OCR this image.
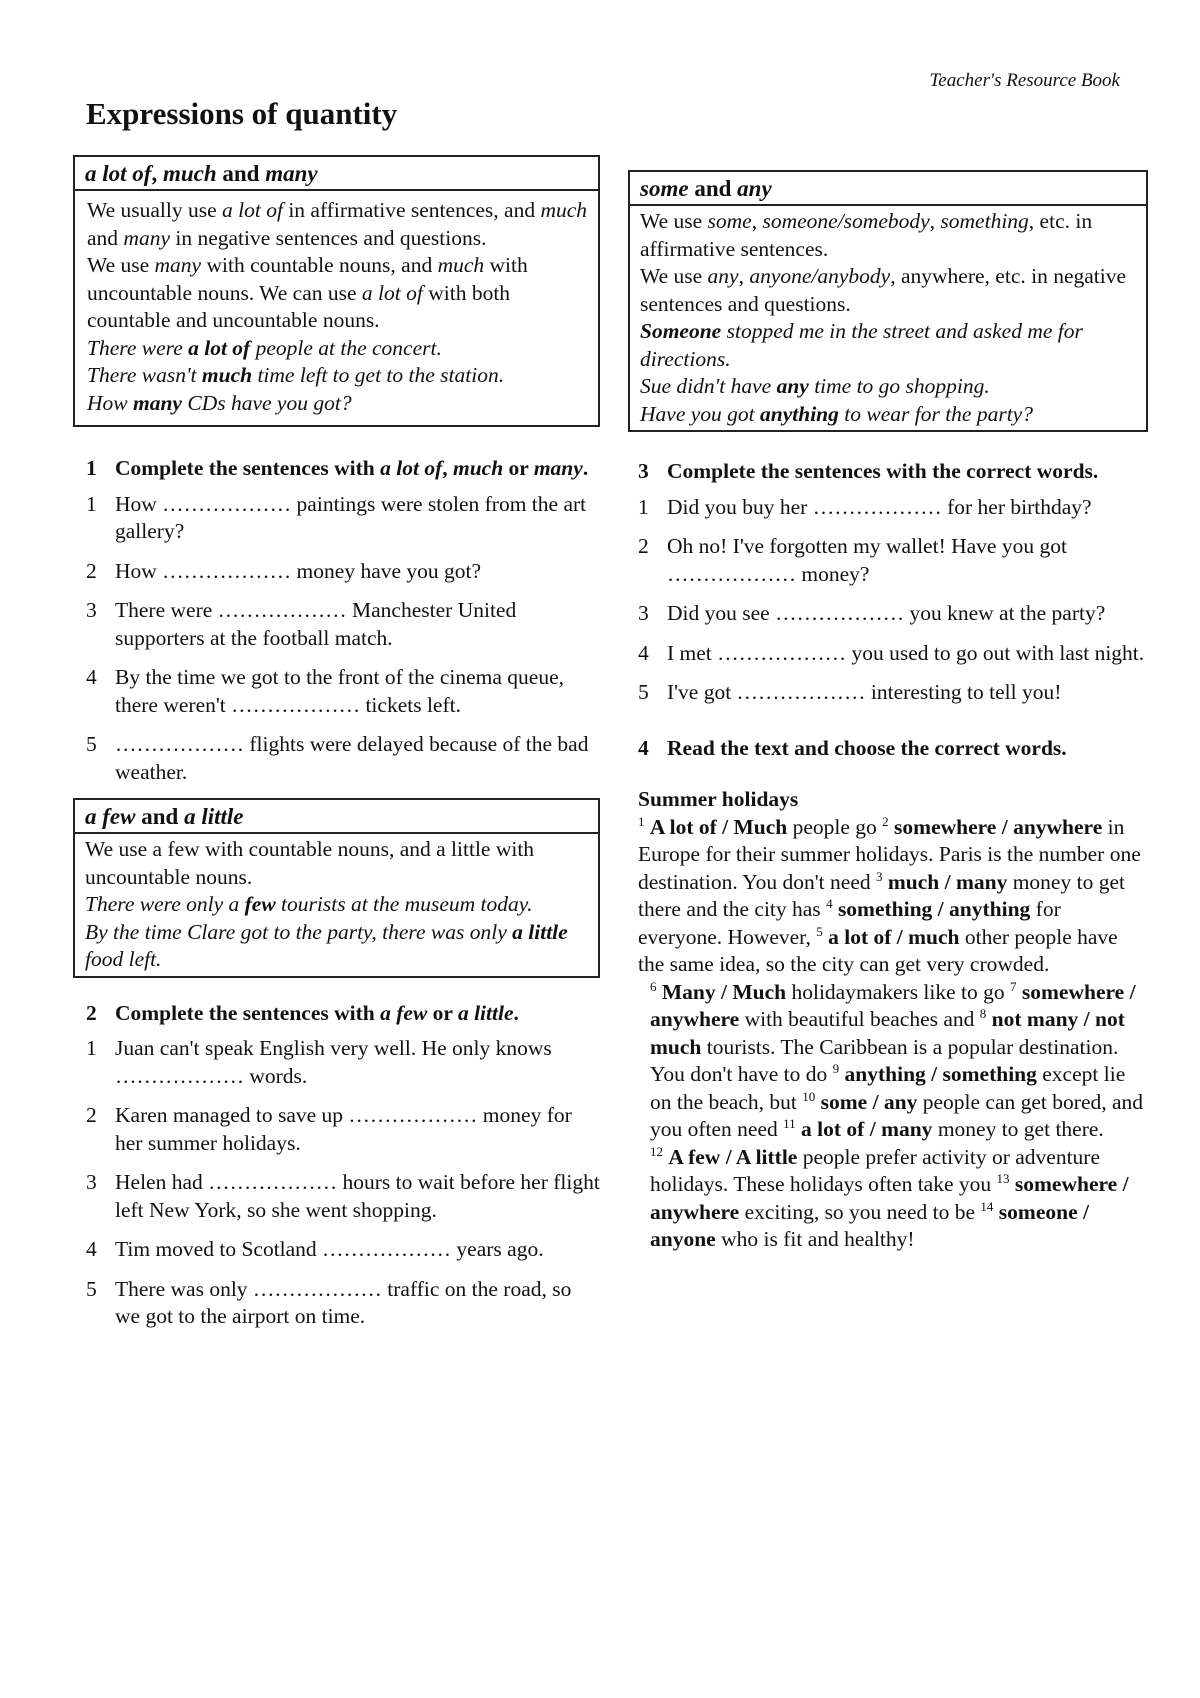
Teacher's Resource Book
Expressions of quantity
a lot of, much and many

We usually use a lot of in affirmative sentences, and much and many in negative sentences and questions.

We use many with countable nouns, and much with uncountable nouns. We can use a lot of with both countable and uncountable nouns.

There were a lot of people at the concert.

There wasn't much time left to get to the station.

How many CDs have you got?

1 Complete the sentences with a lot of, much or many.
1 How ……………… paintings were stolen from the art gallery?
2 How ……………… money have you got?
3 There were ……………… Manchester United supporters at the football match.
4 By the time we got to the front of the cinema queue, there weren't ……………… tickets left.
5 ……………… flights were delayed because of the bad weather.
a few and a little

We use a few with countable nouns, and a little with uncountable nouns.

There were only a few tourists at the museum today.

By the time Clare got to the party, there was only a little food left.

2 Complete the sentences with a few or a little.
1 Juan can't speak English very well. He only knows ……………… words.
2 Karen managed to save up ……………… money for her summer holidays.
3 Helen had ……………… hours to wait before her flight left New York, so she went shopping.
4 Tim moved to Scotland ……………… years ago.
5 There was only ……………… traffic on the road, so we got to the airport on time.
some and any

We use some, someone/somebody, something, etc. in affirmative sentences.

We use any, anyone/anybody, anywhere, etc. in negative sentences and questions.

Someone stopped me in the street and asked me for directions.

Sue didn't have any time to go shopping.

Have you got anything to wear for the party?

3 Complete the sentences with the correct words.
1 Did you buy her ……………… for her birthday?
2 Oh no! I've forgotten my wallet! Have you got ……………… money?
3 Did you see ……………… you knew at the party?
4 I met ……………… you used to go out with last night.
5 I've got ……………… interesting to tell you!
4 Read the text and choose the correct words.

Summer holidays

$^1$ A lot of / Much people go $^2$ somewhere / anywhere in Europe for their summer holidays. Paris is the number one destination. You don't need $^3$ much / many money to get there and the city has $^4$ something / anything for everyone. However, $^5$ a lot of / much other people have the same idea, so the city can get very crowded.

$^6$ Many / Much holidaymakers like to go $^7$ somewhere / anywhere with beautiful beaches and $^8$ not many / not much tourists. The Caribbean is a popular destination. You don't have to do $^9$ anything / something except lie on the beach, but $^{10}$ some / any people can get bored, and you often need $^{11}$ a lot of / many money to get there.

$^{12}$ A few / A little people prefer activity or adventure holidays. These holidays often take you $^{13}$ somewhere / anywhere exciting, so you need to be $^{14}$ someone / anyone who is fit and healthy!
